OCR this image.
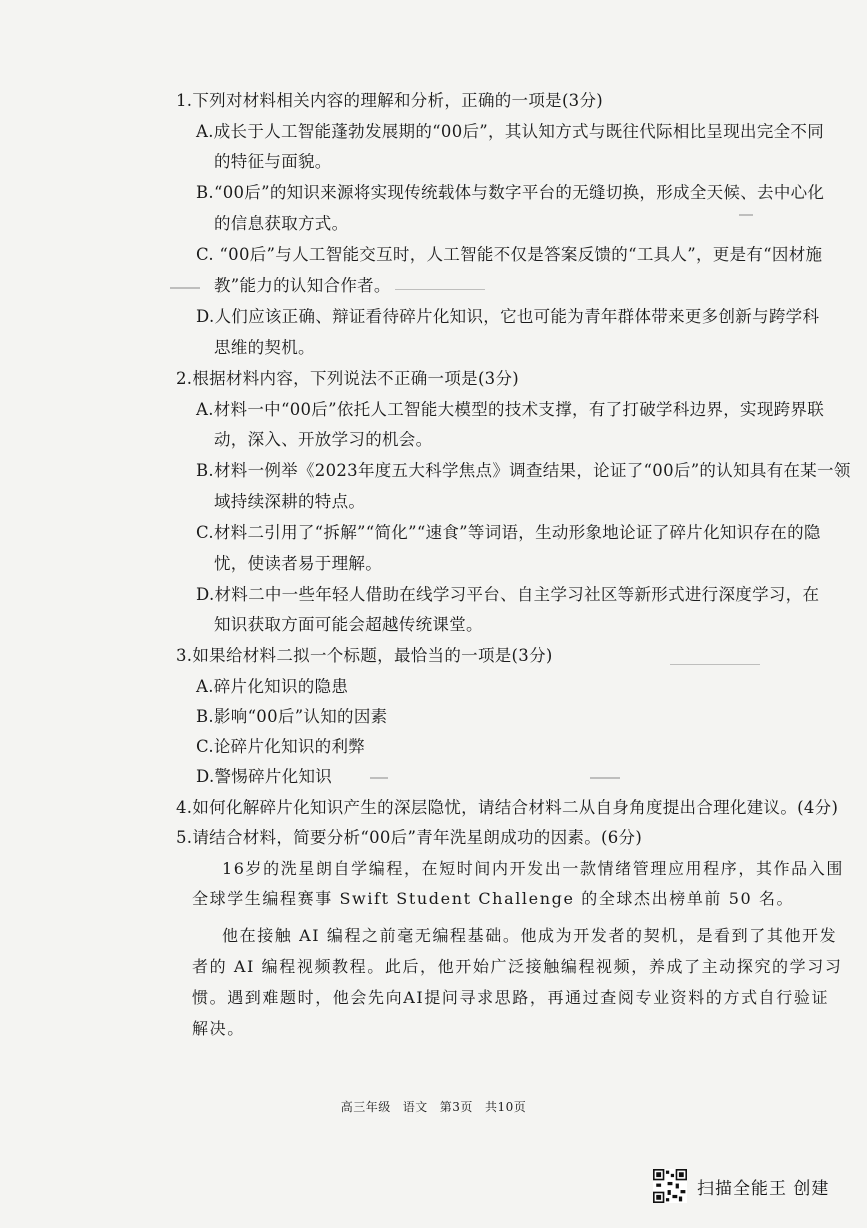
1.下列对材料相关内容的理解和分析，正确的一项是(3分)
A.成长于人工智能蓬勃发展期的“00后”，其认知方式与既往代际相比呈现出完全不同
的特征与面貌。
B.“00后”的知识来源将实现传统载体与数字平台的无缝切换，形成全天候、去中心化
的信息获取方式。
C. “00后”与人工智能交互时，人工智能不仅是答案反馈的“工具人”，更是有“因材施
教”能力的认知合作者。
D.人们应该正确、辩证看待碎片化知识，它也可能为青年群体带来更多创新与跨学科
思维的契机。
2.根据材料内容，下列说法不正确一项是(3分)
A.材料一中“00后”依托人工智能大模型的技术支撑，有了打破学科边界，实现跨界联
动，深入、开放学习的机会。
B.材料一例举《2023年度五大科学焦点》调查结果，论证了“00后”的认知具有在某一领
域持续深耕的特点。
C.材料二引用了“拆解”“简化”“速食”等词语，生动形象地论证了碎片化知识存在的隐
忧，使读者易于理解。
D.材料二中一些年轻人借助在线学习平台、自主学习社区等新形式进行深度学习，在
知识获取方面可能会超越传统课堂。
3.如果给材料二拟一个标题，最恰当的一项是(3分)
A.碎片化知识的隐患
B.影响“00后”认知的因素
C.论碎片化知识的利弊
D.警惕碎片化知识
4.如何化解碎片化知识产生的深层隐忧，请结合材料二从自身角度提出合理化建议。(4分)
5.请结合材料，简要分析“00后”青年洗星朗成功的因素。(6分)
16岁的洗星朗自学编程，在短时间内开发出一款情绪管理应用程序，其作品入围
全球学生编程赛事 Swift Student Challenge 的全球杰出榜单前 50 名。
他在接触 AI 编程之前毫无编程基础。他成为开发者的契机，是看到了其他开发
者的 AI 编程视频教程。此后，他开始广泛接触编程视频，养成了主动探究的学习习
惯。遇到难题时，他会先向AI提问寻求思路，再通过查阅专业资料的方式自行验证
解决。
高三年级 语文 第3页 共10页
扫描全能王 创建
